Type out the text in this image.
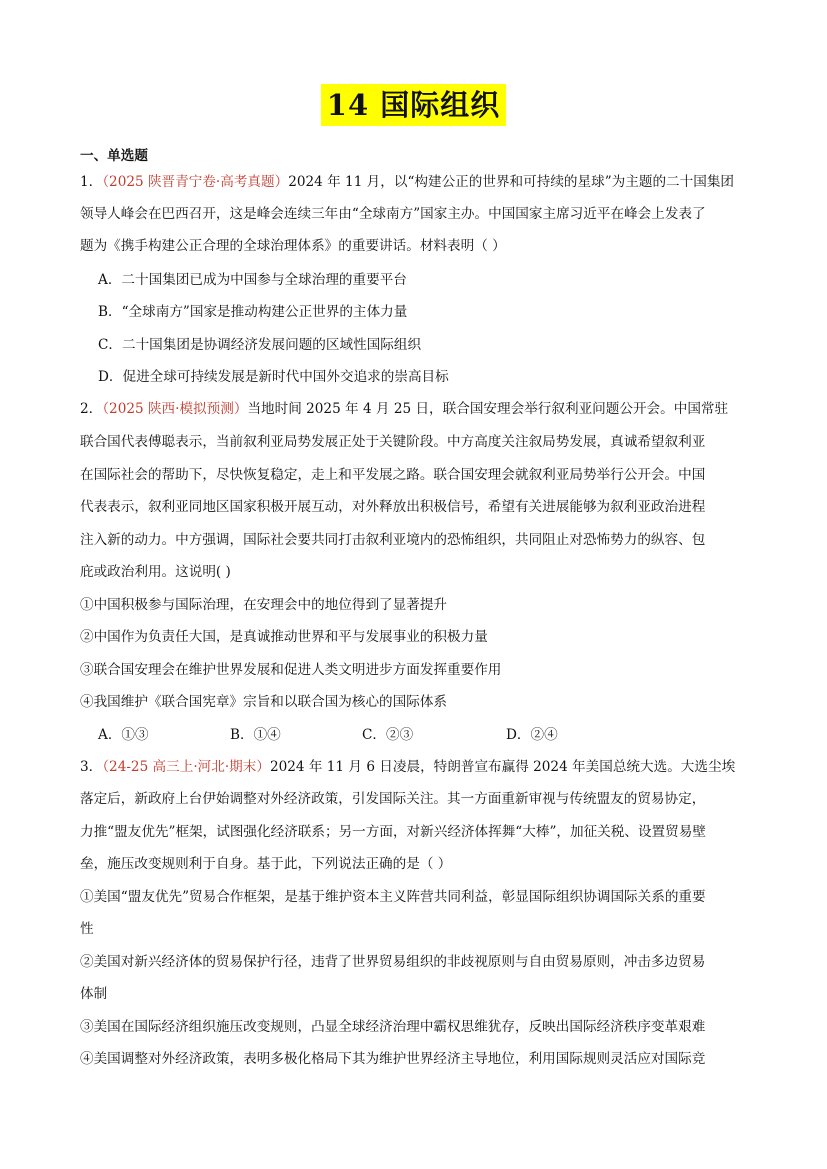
14 国际组织
一、单选题
1．（2025 陕晋青宁卷·高考真题）2024 年 11 月，以“构建公正的世界和可持续的星球”为主题的二十国集团
领导人峰会在巴西召开，这是峰会连续三年由“全球南方”国家主办。中国国家主席习近平在峰会上发表了
题为《携手构建公正合理的全球治理体系》的重要讲话。材料表明（ ）
A．二十国集团已成为中国参与全球治理的重要平台
B．“全球南方”国家是推动构建公正世界的主体力量
C．二十国集团是协调经济发展问题的区域性国际组织
D．促进全球可持续发展是新时代中国外交追求的崇高目标
2．（2025 陕西·模拟预测）当地时间 2025 年 4 月 25 日，联合国安理会举行叙利亚问题公开会。中国常驻
联合国代表傅聪表示，当前叙利亚局势发展正处于关键阶段。中方高度关注叙局势发展，真诚希望叙利亚
在国际社会的帮助下，尽快恢复稳定，走上和平发展之路。联合国安理会就叙利亚局势举行公开会。中国
代表表示，叙利亚同地区国家积极开展互动，对外释放出积极信号，希望有关进展能够为叙利亚政治进程
注入新的动力。中方强调，国际社会要共同打击叙利亚境内的恐怖组织，共同阻止对恐怖势力的纵容、包
庇或政治利用。这说明( )
①中国积极参与国际治理，在安理会中的地位得到了显著提升
②中国作为负责任大国，是真诚推动世界和平与发展事业的积极力量
③联合国安理会在维护世界发展和促进人类文明进步方面发挥重要作用
④我国维护《联合国宪章》宗旨和以联合国为核心的国际体系
A．①③	B．①④	C．②③	D．②④
3．（24-25 高三上·河北·期末）2024 年 11 月 6 日凌晨，特朗普宣布赢得 2024 年美国总统大选。大选尘埃
落定后，新政府上台伊始调整对外经济政策，引发国际关注。其一方面重新审视与传统盟友的贸易协定，
力推“盟友优先”框架，试图强化经济联系；另一方面，对新兴经济体挥舞“大棒”，加征关税、设置贸易壁
垒，施压改变规则利于自身。基于此，下列说法正确的是（ ）
①美国“盟友优先”贸易合作框架，是基于维护资本主义阵营共同利益，彰显国际组织协调国际关系的重要
性
②美国对新兴经济体的贸易保护行径，违背了世界贸易组织的非歧视原则与自由贸易原则，冲击多边贸易
体制
③美国在国际经济组织施压改变规则，凸显全球经济治理中霸权思维犹存，反映出国际经济秩序变革艰难
④美国调整对外经济政策，表明多极化格局下其为维护世界经济主导地位，利用国际规则灵活应对国际竞
